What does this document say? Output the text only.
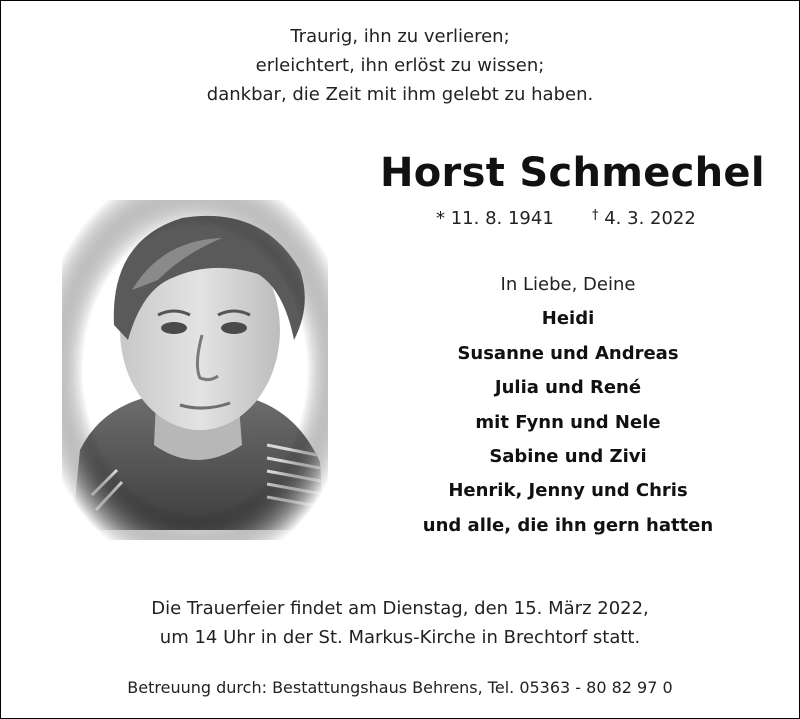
Traurig, ihn zu verlieren;
erleichtert, ihn erlöst zu wissen;
dankbar, die Zeit mit ihm gelebt zu haben.
Horst Schmechel
* 11. 8. 1941	† 4. 3. 2022
In Liebe, Deine
Heidi
Susanne und Andreas
Julia und René
mit Fynn und Nele
Sabine und Zivi
Henrik, Jenny und Chris
und alle, die ihn gern hatten
Die Trauerfeier findet am Dienstag, den 15. März 2022,
um 14 Uhr in der St. Markus-Kirche in Brechtorf statt.
Betreuung durch: Bestattungshaus Behrens, Tel. 05363 - 80 82 97 0
